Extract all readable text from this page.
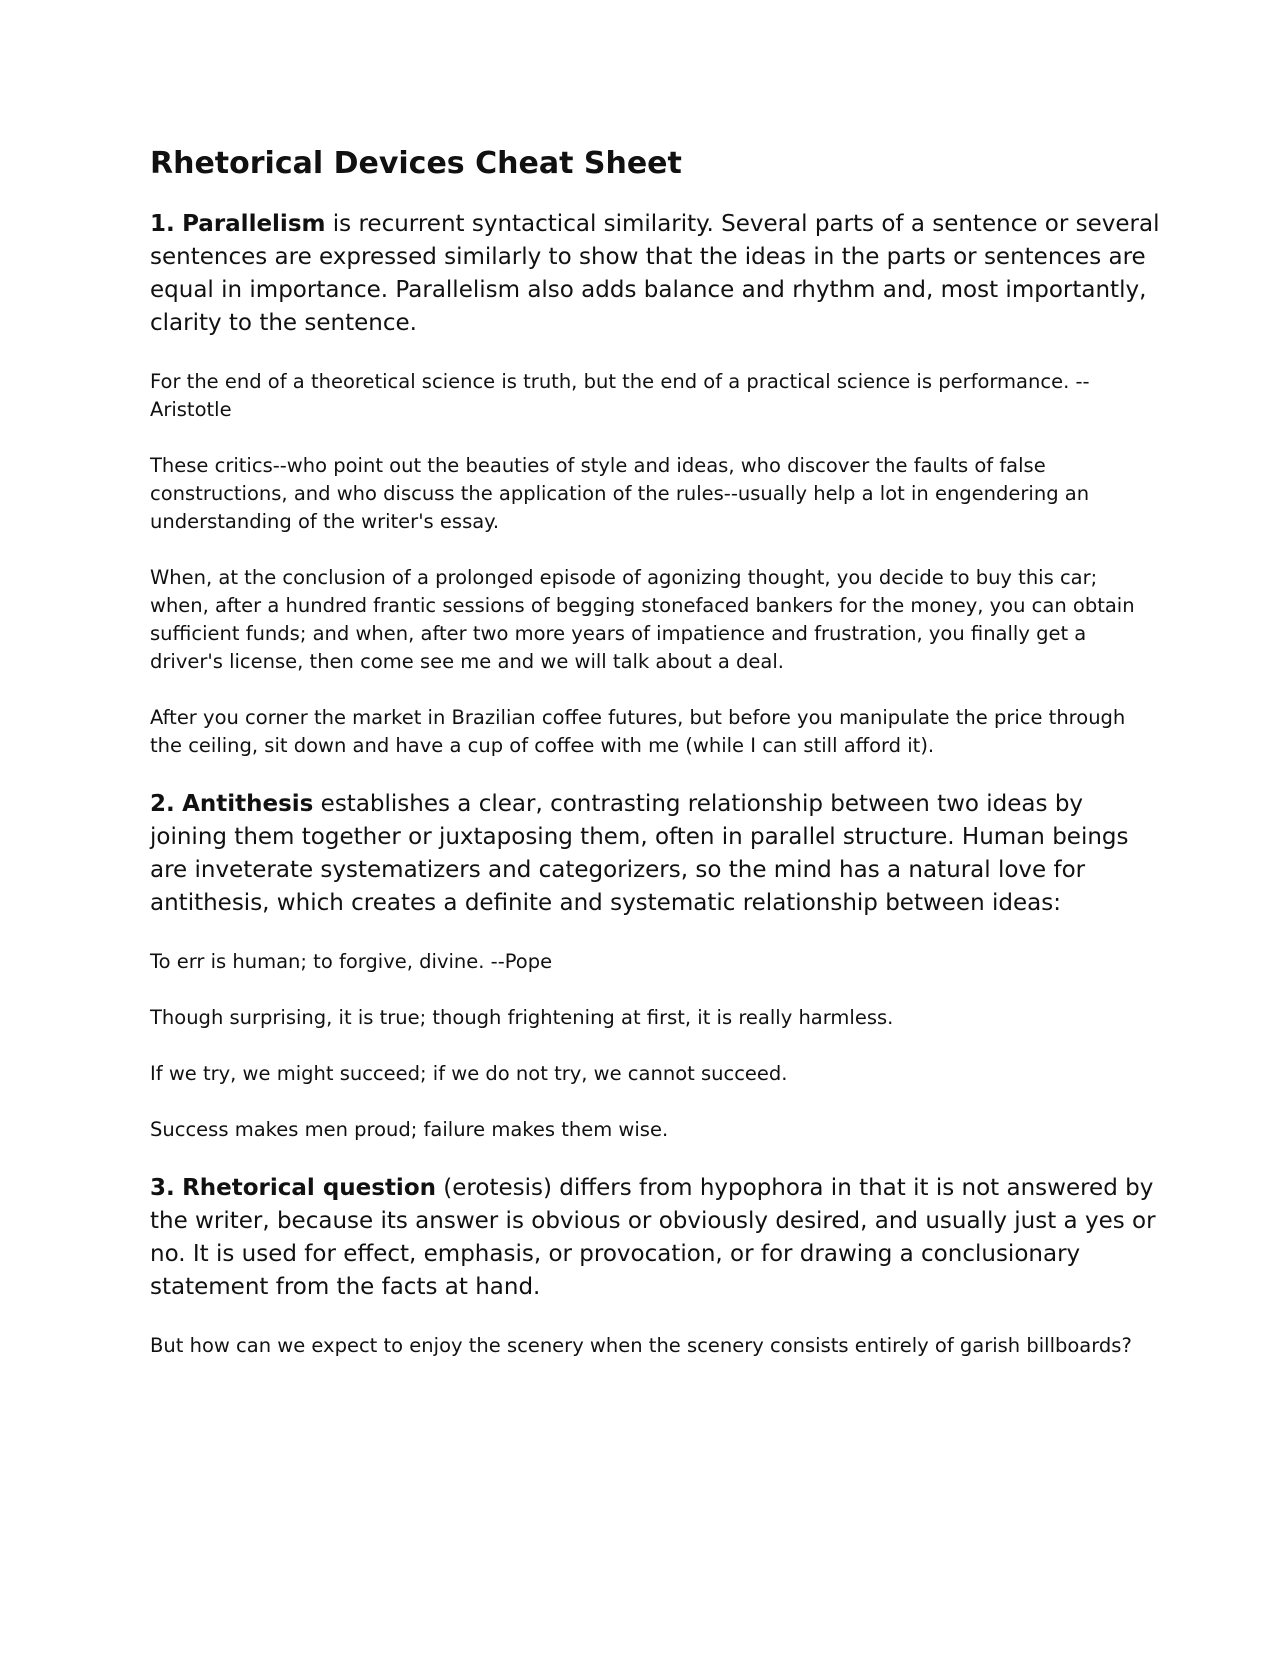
Rhetorical Devices Cheat Sheet

1. Parallelism is recurrent syntactical similarity. Several parts of a sentence or several sentences are expressed similarly to show that the ideas in the parts or sentences are equal in importance. Parallelism also adds balance and rhythm and, most importantly, clarity to the sentence.

For the end of a theoretical science is truth, but the end of a practical science is performance. --Aristotle

These critics--who point out the beauties of style and ideas, who discover the faults of false constructions, and who discuss the application of the rules--usually help a lot in engendering an understanding of the writer's essay.

When, at the conclusion of a prolonged episode of agonizing thought, you decide to buy this car; when, after a hundred frantic sessions of begging stonefaced bankers for the money, you can obtain sufficient funds; and when, after two more years of impatience and frustration, you finally get a driver's license, then come see me and we will talk about a deal.

After you corner the market in Brazilian coffee futures, but before you manipulate the price through the ceiling, sit down and have a cup of coffee with me (while I can still afford it).

2. Antithesis establishes a clear, contrasting relationship between two ideas by joining them together or juxtaposing them, often in parallel structure. Human beings are inveterate systematizers and categorizers, so the mind has a natural love for antithesis, which creates a definite and systematic relationship between ideas:

To err is human; to forgive, divine. --Pope

Though surprising, it is true; though frightening at first, it is really harmless.

If we try, we might succeed; if we do not try, we cannot succeed.

Success makes men proud; failure makes them wise.

3. Rhetorical question (erotesis) differs from hypophora in that it is not answered by the writer, because its answer is obvious or obviously desired, and usually just a yes or no. It is used for effect, emphasis, or provocation, or for drawing a conclusionary statement from the facts at hand.

But how can we expect to enjoy the scenery when the scenery consists entirely of garish billboards?
